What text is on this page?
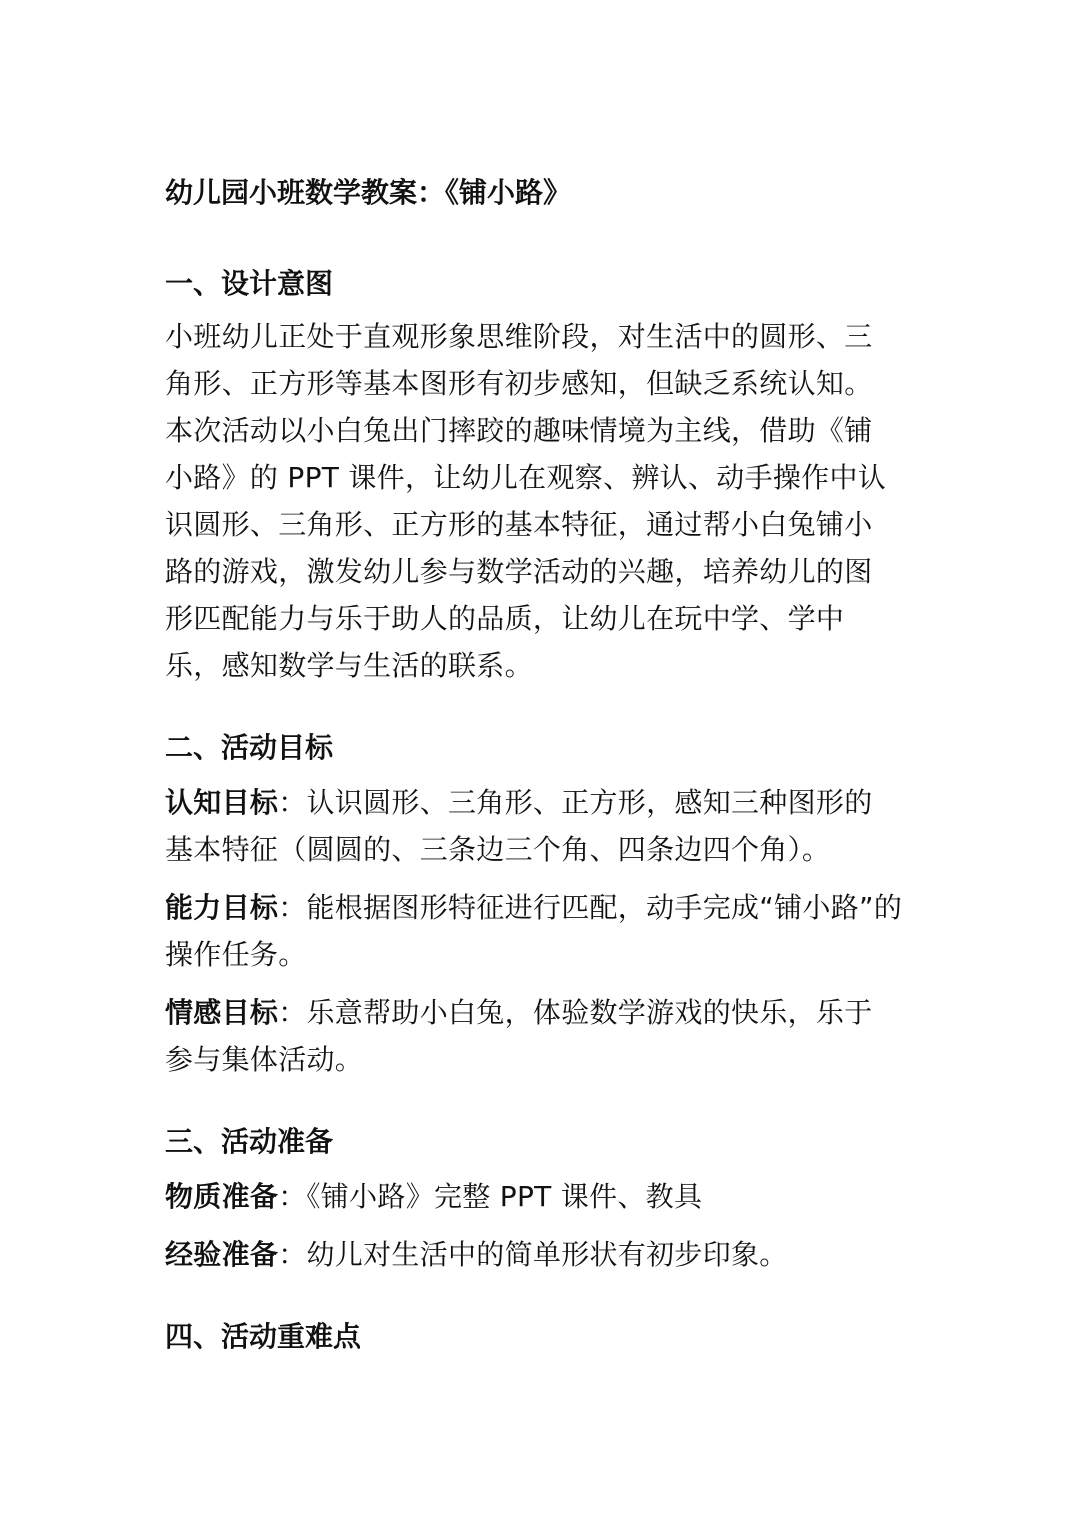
幼儿园小班数学教案：《铺小路》
一、设计意图
小班幼儿正处于直观形象思维阶段，对生活中的圆形、三
角形、正方形等基本图形有初步感知，但缺乏系统认知。
本次活动以小白兔出门摔跤的趣味情境为主线，借助《铺
小路》的 PPT 课件，让幼儿在观察、辨认、动手操作中认
识圆形、三角形、正方形的基本特征，通过帮小白兔铺小
路的游戏，激发幼儿参与数学活动的兴趣，培养幼儿的图
形匹配能力与乐于助人的品质，让幼儿在玩中学、学中
乐，感知数学与生活的联系。
二、活动目标
认知目标：认识圆形、三角形、正方形，感知三种图形的
基本特征（圆圆的、三条边三个角、四条边四个角）。
能力目标：能根据图形特征进行匹配，动手完成“铺小路”的
操作任务。
情感目标：乐意帮助小白兔，体验数学游戏的快乐，乐于
参与集体活动。
三、活动准备
物质准备：《铺小路》完整 PPT 课件、教具
经验准备：幼儿对生活中的简单形状有初步印象。
四、活动重难点
